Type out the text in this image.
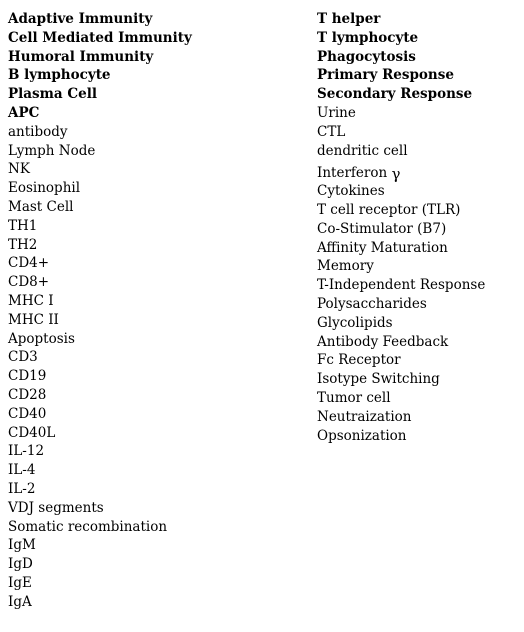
Adaptive Immunity
Cell Mediated Immunity
Humoral Immunity
B lymphocyte
Plasma Cell
APC
antibody
Lymph Node
NK
Eosinophil
Mast Cell
TH1
TH2
CD4+
CD8+
MHC I
MHC II
Apoptosis
CD3
CD19
CD28
CD40
CD40L
IL-12
IL-4
IL-2
VDJ segments
Somatic recombination
IgM
IgD
IgE
IgA
T helper
T lymphocyte
Phagocytosis
Primary Response
Secondary Response
Urine
CTL
dendritic cell
Interferon γ
Cytokines
T cell receptor (TLR)
Co-Stimulator (B7)
Affinity Maturation
Memory
T-Independent Response
Polysaccharides
Glycolipids
Antibody Feedback
Fc Receptor
Isotype Switching
Tumor cell
Neutraization
Opsonization
